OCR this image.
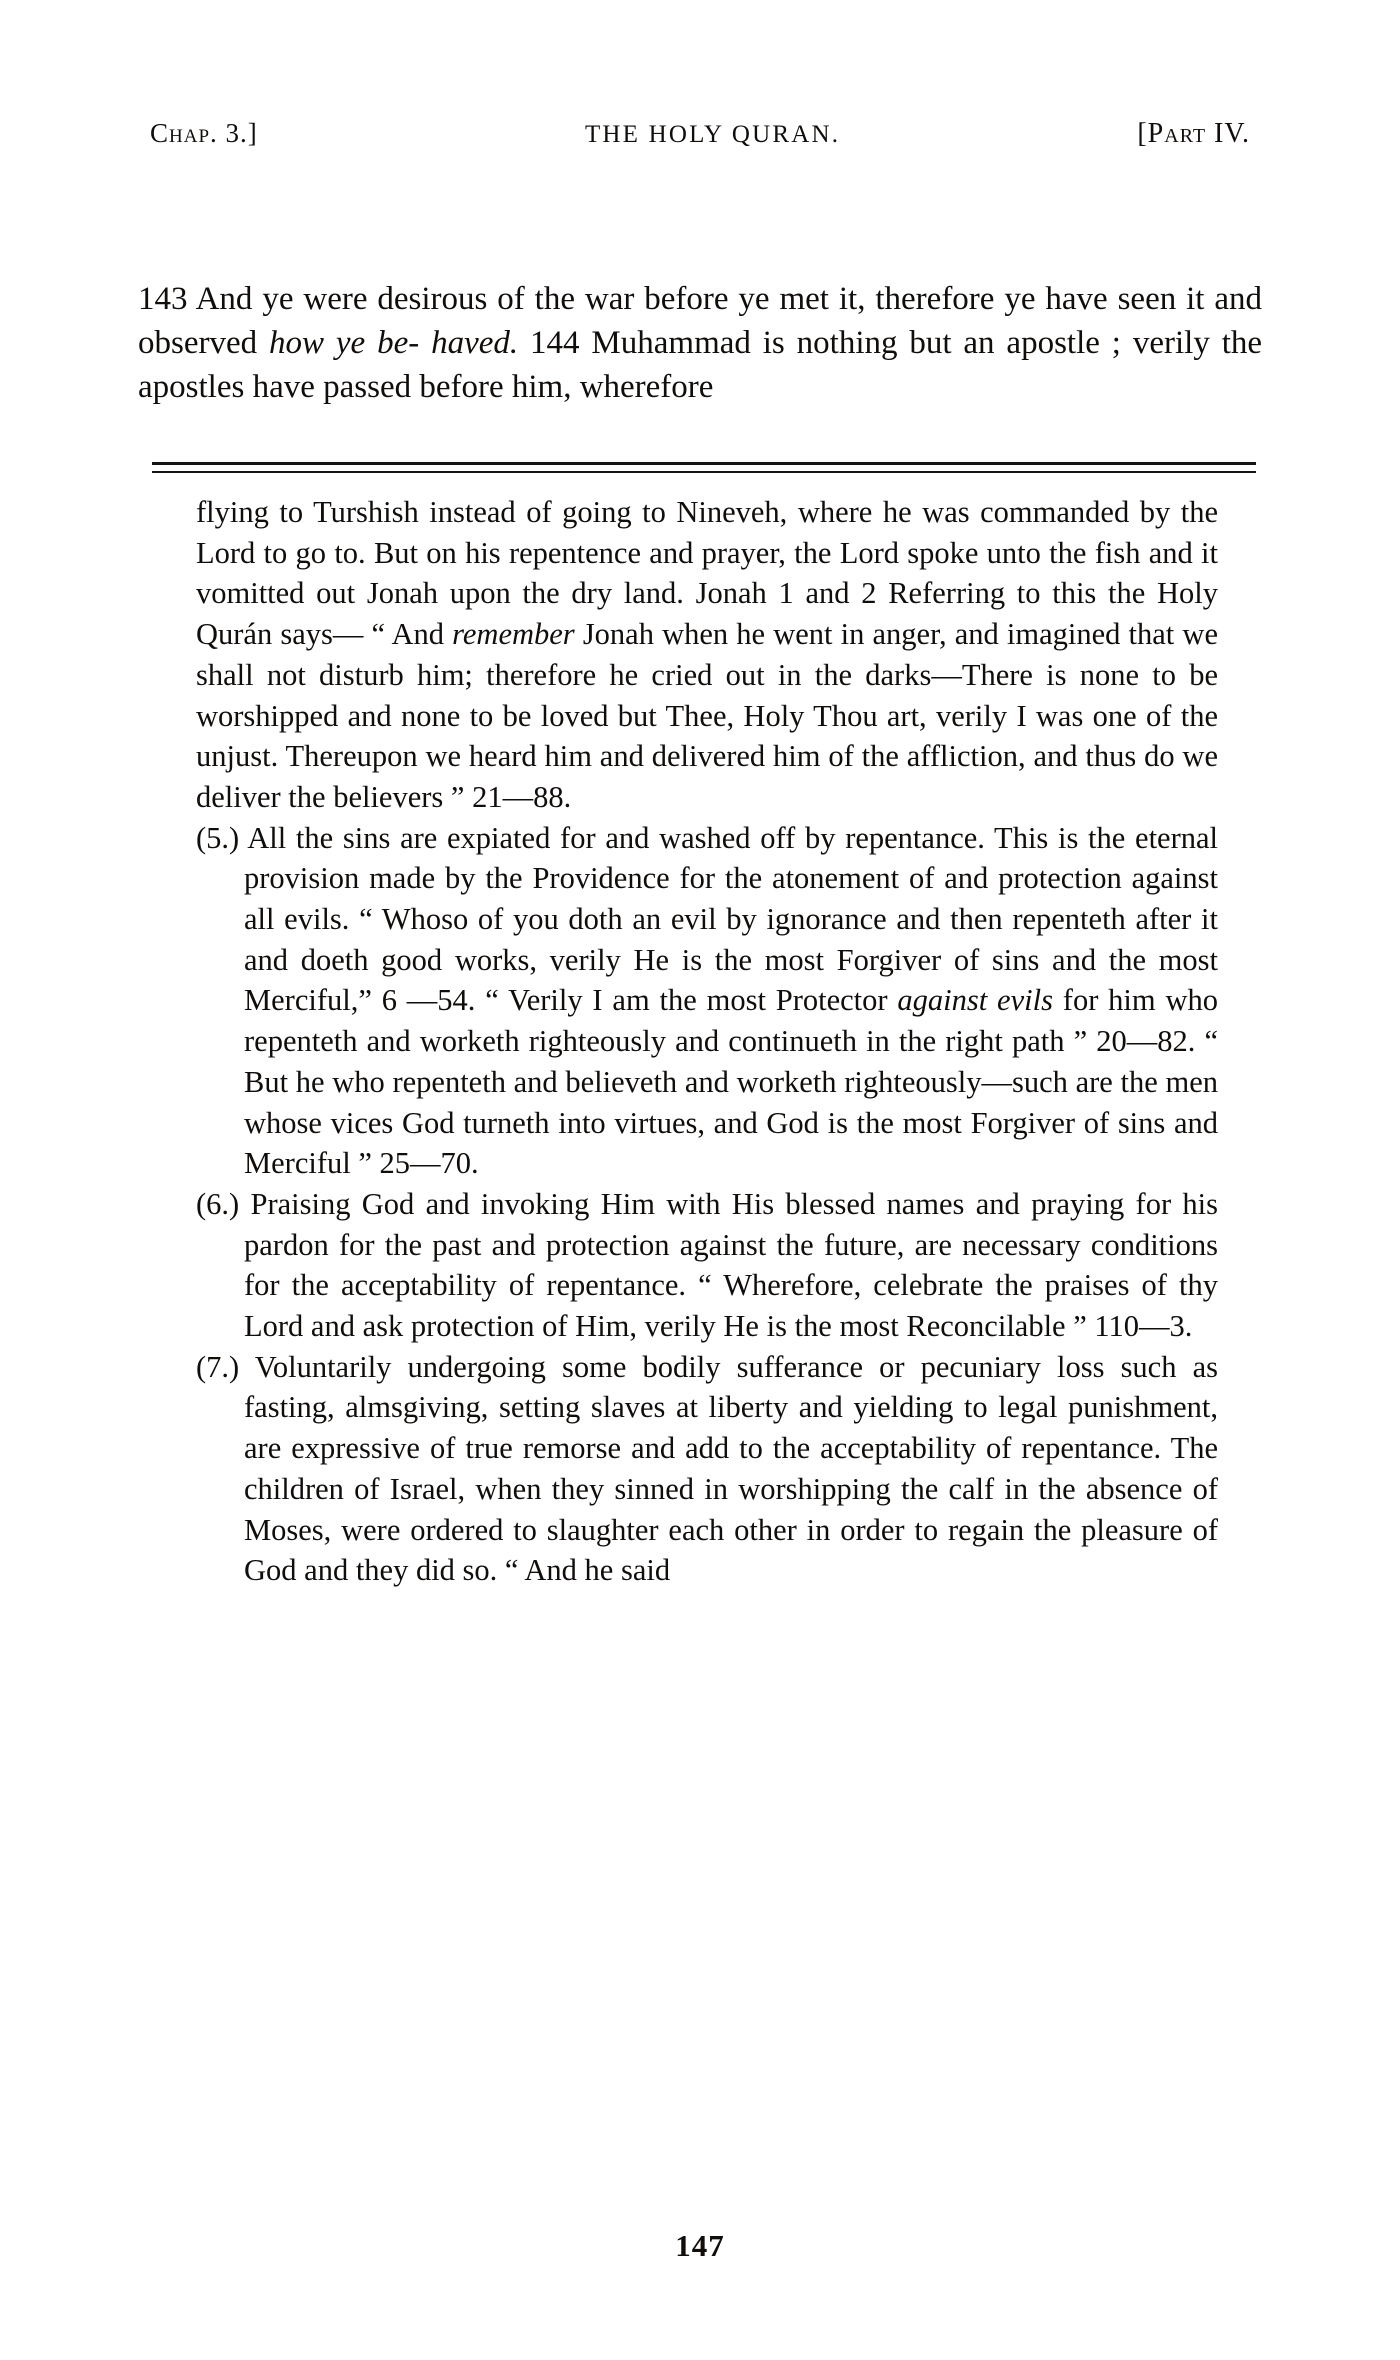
Chap. 3.]	THE HOLY QURAN.	[Part IV.
143 And ye were desirous of the war before ye met it, therefore ye have seen it and observed how ye be- haved. 144 Muhammad is nothing but an apostle ; verily the apostles have passed before him, wherefore

flying to Turshish instead of going to Nineveh, where he was commanded by the Lord to go to. But on his repentence and prayer, the Lord spoke unto the fish and it vomitted out Jonah upon the dry land. Jonah 1 and 2 Referring to this the Holy Qurán says— “ And remember Jonah when he went in anger, and imagined that we shall not disturb him; therefore he cried out in the darks—There is none to be worshipped and none to be loved but Thee, Holy Thou art, verily I was one of the unjust. Thereupon we heard him and delivered him of the affliction, and thus do we deliver the believers ” 21—88.

(5.) All the sins are expiated for and washed off by repentance. This is the eternal provision made by the Providence for the atonement of and protection against all evils. “ Whoso of you doth an evil by ignorance and then repenteth after it and doeth good works, verily He is the most Forgiver of sins and the most Merciful,” 6 —54. “ Verily I am the most Protector against evils for him who repenteth and worketh righteously and continueth in the right path ” 20—82. “ But he who repenteth and believeth and worketh righteously—such are the men whose vices God turneth into virtues, and God is the most Forgiver of sins and Merciful ” 25—70.

(6.) Praising God and invoking Him with His blessed names and praying for his pardon for the past and protection against the future, are necessary conditions for the acceptability of repentance. “ Wherefore, celebrate the praises of thy Lord and ask protection of Him, verily He is the most Reconcilable ” 110—3.

(7.) Voluntarily undergoing some bodily sufferance or pecuniary loss such as fasting, almsgiving, setting slaves at liberty and yielding to legal punishment, are expressive of true remorse and add to the acceptability of repentance. The children of Israel, when they sinned in worshipping the calf in the absence of Moses, were ordered to slaughter each other in order to regain the pleasure of God and they did so. “ And he said

147
